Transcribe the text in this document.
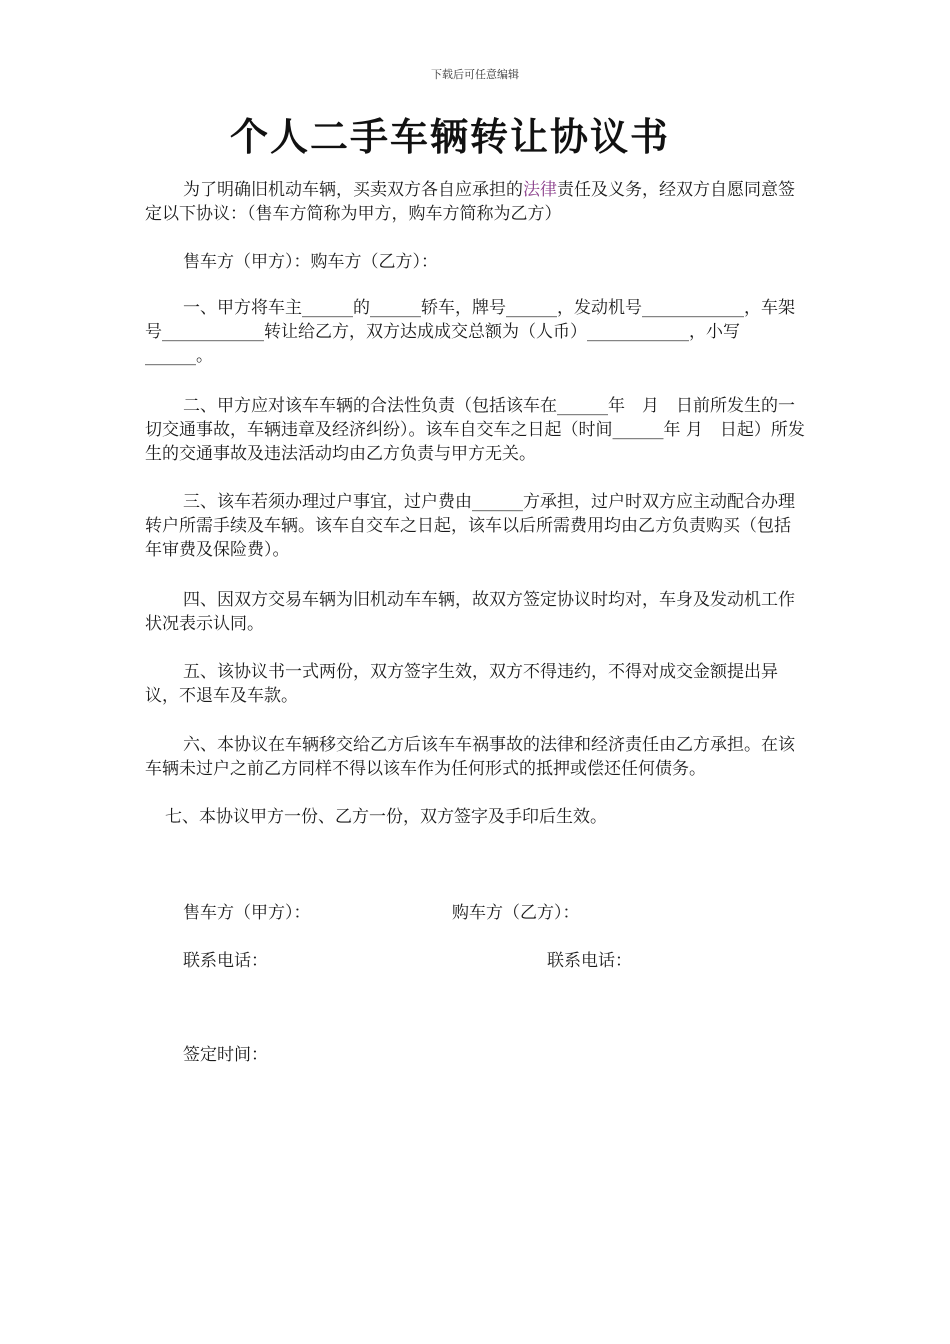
下载后可任意编辑
个人二手车辆转让协议书
为了明确旧机动车辆，买卖双方各自应承担的法律责任及义务，经双方自愿同意签定以下协议：（售车方简称为甲方，购车方简称为乙方）
售车方（甲方）：购车方（乙方）：
一、甲方将车主______的______轿车，牌号______，发动机号____________，车架号____________转让给乙方，双方达成成交总额为（人币）____________，小写______。
二、甲方应对该车车辆的合法性负责（包括该车在______年　月　日前所发生的一切交通事故，车辆违章及经济纠纷）。该车自交车之日起（时间______年 月　日起）所发生的交通事故及违法活动均由乙方负责与甲方无关。
三、该车若须办理过户事宜，过户费由______方承担，过户时双方应主动配合办理转户所需手续及车辆。该车自交车之日起，该车以后所需费用均由乙方负责购买（包括年审费及保险费）。
四、因双方交易车辆为旧机动车车辆，故双方签定协议时均对，车身及发动机工作状况表示认同。
五、该协议书一式两份，双方签字生效，双方不得违约，不得对成交金额提出异议，不退车及车款。
六、本协议在车辆移交给乙方后该车车祸事故的法律和经济责任由乙方承担。在该车辆未过户之前乙方同样不得以该车作为任何形式的抵押或偿还任何债务。
七、本协议甲方一份、乙方一份，双方签字及手印后生效。
售车方（甲方）：	购车方（乙方）：
联系电话：	联系电话：
签定时间：
